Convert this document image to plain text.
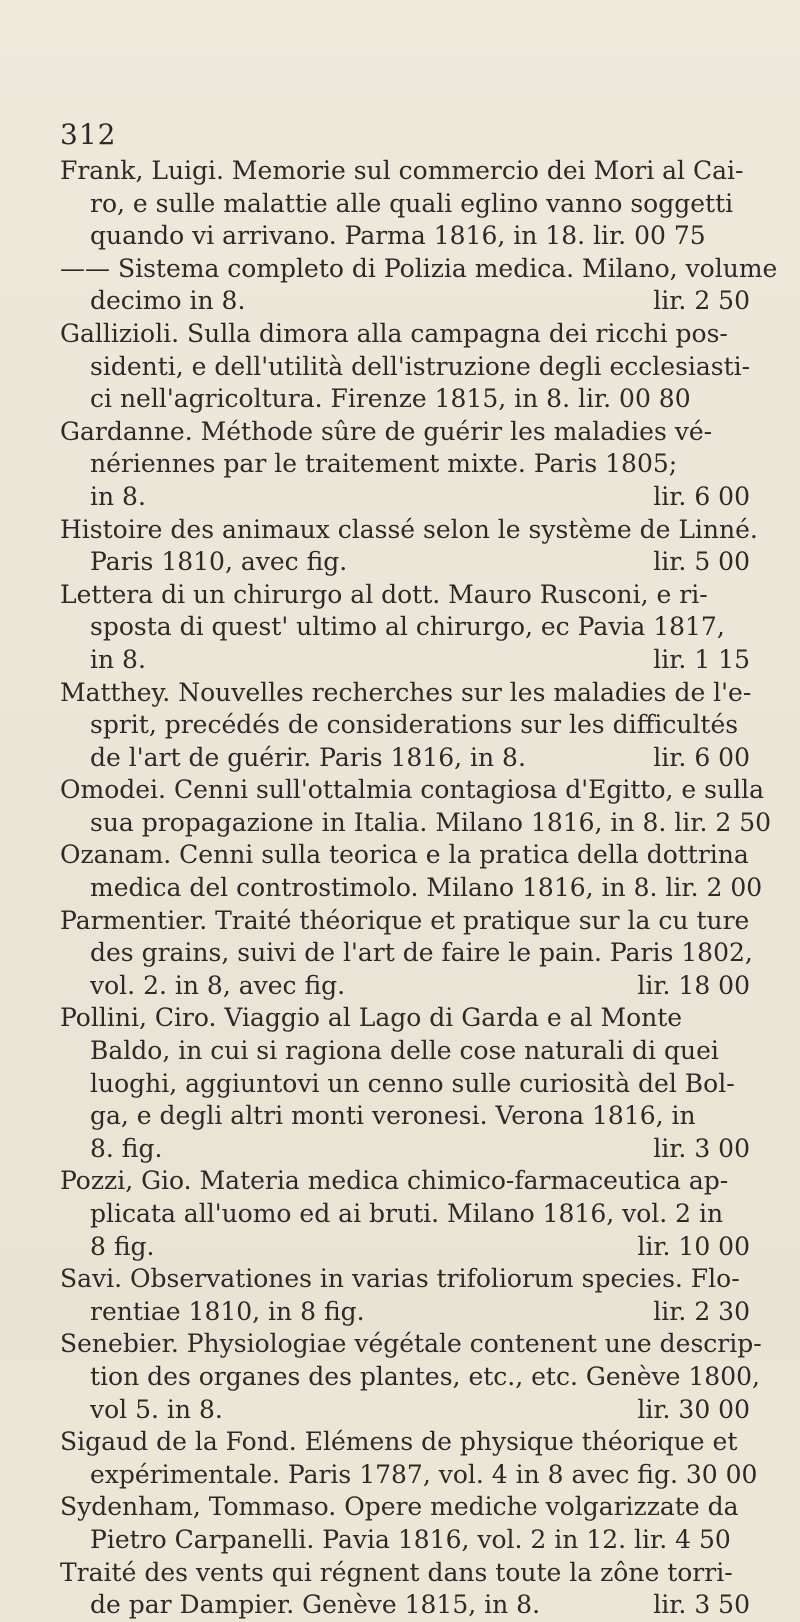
312
Frank, Luigi. Memorie sul commercio dei Mori al Cai-
ro, e sulle malattie alle quali eglino vanno soggetti
quando vi arrivano. Parma 1816, in 18. lir. 00 75
—— Sistema completo di Polizia medica. Milano, volume
decimo in 8.	lir. 2 50
Gallizioli. Sulla dimora alla campagna dei ricchi pos-
sidenti, e dell'utilità dell'istruzione degli ecclesiasti-
ci nell'agricoltura. Firenze 1815, in 8. lir. 00 80
Gardanne. Méthode sûre de guérir les maladies vé-
nériennes par le traitement mixte. Paris 1805;
in 8.	lir. 6 00
Histoire des animaux classé selon le système de Linné.
Paris 1810, avec fig.	lir. 5 00
Lettera di un chirurgo al dott. Mauro Rusconi, e ri-
sposta di quest' ultimo al chirurgo, ec Pavia 1817,
in 8.	lir. 1 15
Matthey. Nouvelles recherches sur les maladies de l'e-
sprit, precédés de considerations sur les difficultés
de l'art de guérir. Paris 1816, in 8.	lir. 6 00
Omodei. Cenni sull'ottalmia contagiosa d'Egitto, e sulla
sua propagazione in Italia. Milano 1816, in 8. lir. 2 50
Ozanam. Cenni sulla teorica e la pratica della dottrina
medica del controstimolo. Milano 1816, in 8. lir. 2 00
Parmentier. Traité théorique et pratique sur la cu ture
des grains, suivi de l'art de faire le pain. Paris 1802,
vol. 2. in 8, avec fig.	lir. 18 00
Pollini, Ciro. Viaggio al Lago di Garda e al Monte
Baldo, in cui si ragiona delle cose naturali di quei
luoghi, aggiuntovi un cenno sulle curiosità del Bol-
ga, e degli altri monti veronesi. Verona 1816, in
8. fig.	lir. 3 00
Pozzi, Gio. Materia medica chimico-farmaceutica ap-
plicata all'uomo ed ai bruti. Milano 1816, vol. 2 in
8 fig.	lir. 10 00
Savi. Observationes in varias trifoliorum species. Flo-
rentiae 1810, in 8 fig.	lir. 2 30
Senebier. Physiologiae végétale contenent une descrip-
tion des organes des plantes, etc., etc. Genève 1800,
vol 5. in 8.	lir. 30 00
Sigaud de la Fond. Elémens de physique théorique et
expérimentale. Paris 1787, vol. 4 in 8 avec fig. 30 00
Sydenham, Tommaso. Opere mediche volgarizzate da
Pietro Carpanelli. Pavia 1816, vol. 2 in 12. lir. 4 50
Traité des vents qui régnent dans toute la zône torri-
de par Dampier. Genève 1815, in 8.	lir. 3 50
